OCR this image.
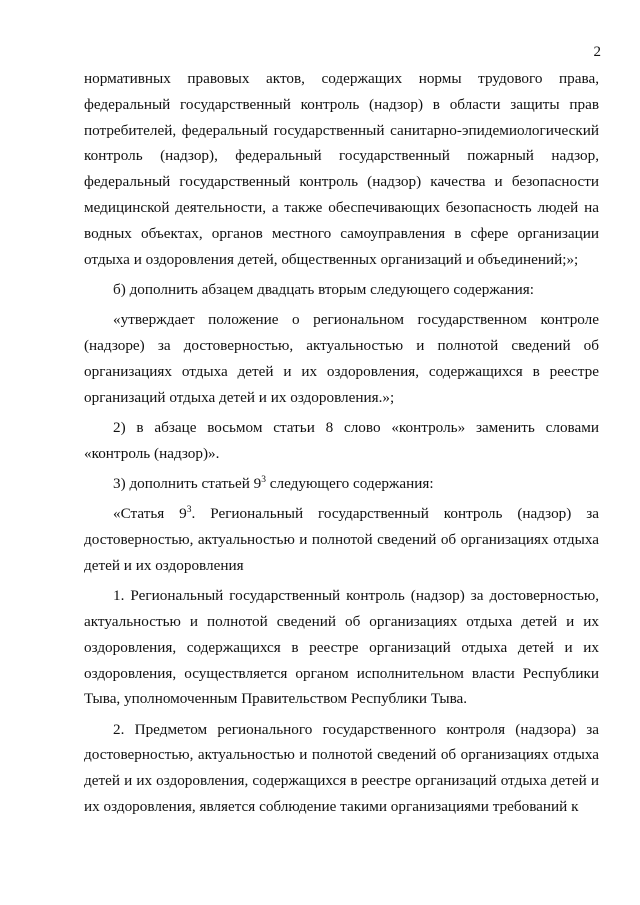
2

нормативных правовых актов, содержащих нормы трудового права, федеральный государственный контроль (надзор) в области защиты прав потребителей, федеральный государственный санитарно-эпидемиологический контроль (надзор), федеральный государственный пожарный надзор, федеральный государственный контроль (надзор) качества и безопасности медицинской деятельности, а также обеспечивающих безопасность людей на водных объектах, органов местного самоуправления в сфере организации отдыха и оздоровления детей, общественных организаций и объединений;»;

б) дополнить абзацем двадцать вторым следующего содержания:

«утверждает положение о региональном государственном контроле (надзоре) за достоверностью, актуальностью и полнотой сведений об организациях отдыха детей и их оздоровления, содержащихся в реестре организаций отдыха детей и их оздоровления.»;

2) в абзаце восьмом статьи 8 слово «контроль» заменить словами «контроль (надзор)».

3) дополнить статьей $9^3$ следующего содержания:

«Статья $9^3$. Региональный государственный контроль (надзор) за достоверностью, актуальностью и полнотой сведений об организациях отдыха детей и их оздоровления

1. Региональный государственный контроль (надзор) за достоверностью, актуальностью и полнотой сведений об организациях отдыха детей и их оздоровления, содержащихся в реестре организаций отдыха детей и их оздоровления, осуществляется органом исполнительном власти Республики Тыва, уполномоченным Правительством Республики Тыва.

2. Предметом регионального государственного контроля (надзора) за достоверностью, актуальностью и полнотой сведений об организациях отдыха детей и их оздоровления, содержащихся в реестре организаций отдыха детей и их оздоровления, является соблюдение такими организациями требований к
